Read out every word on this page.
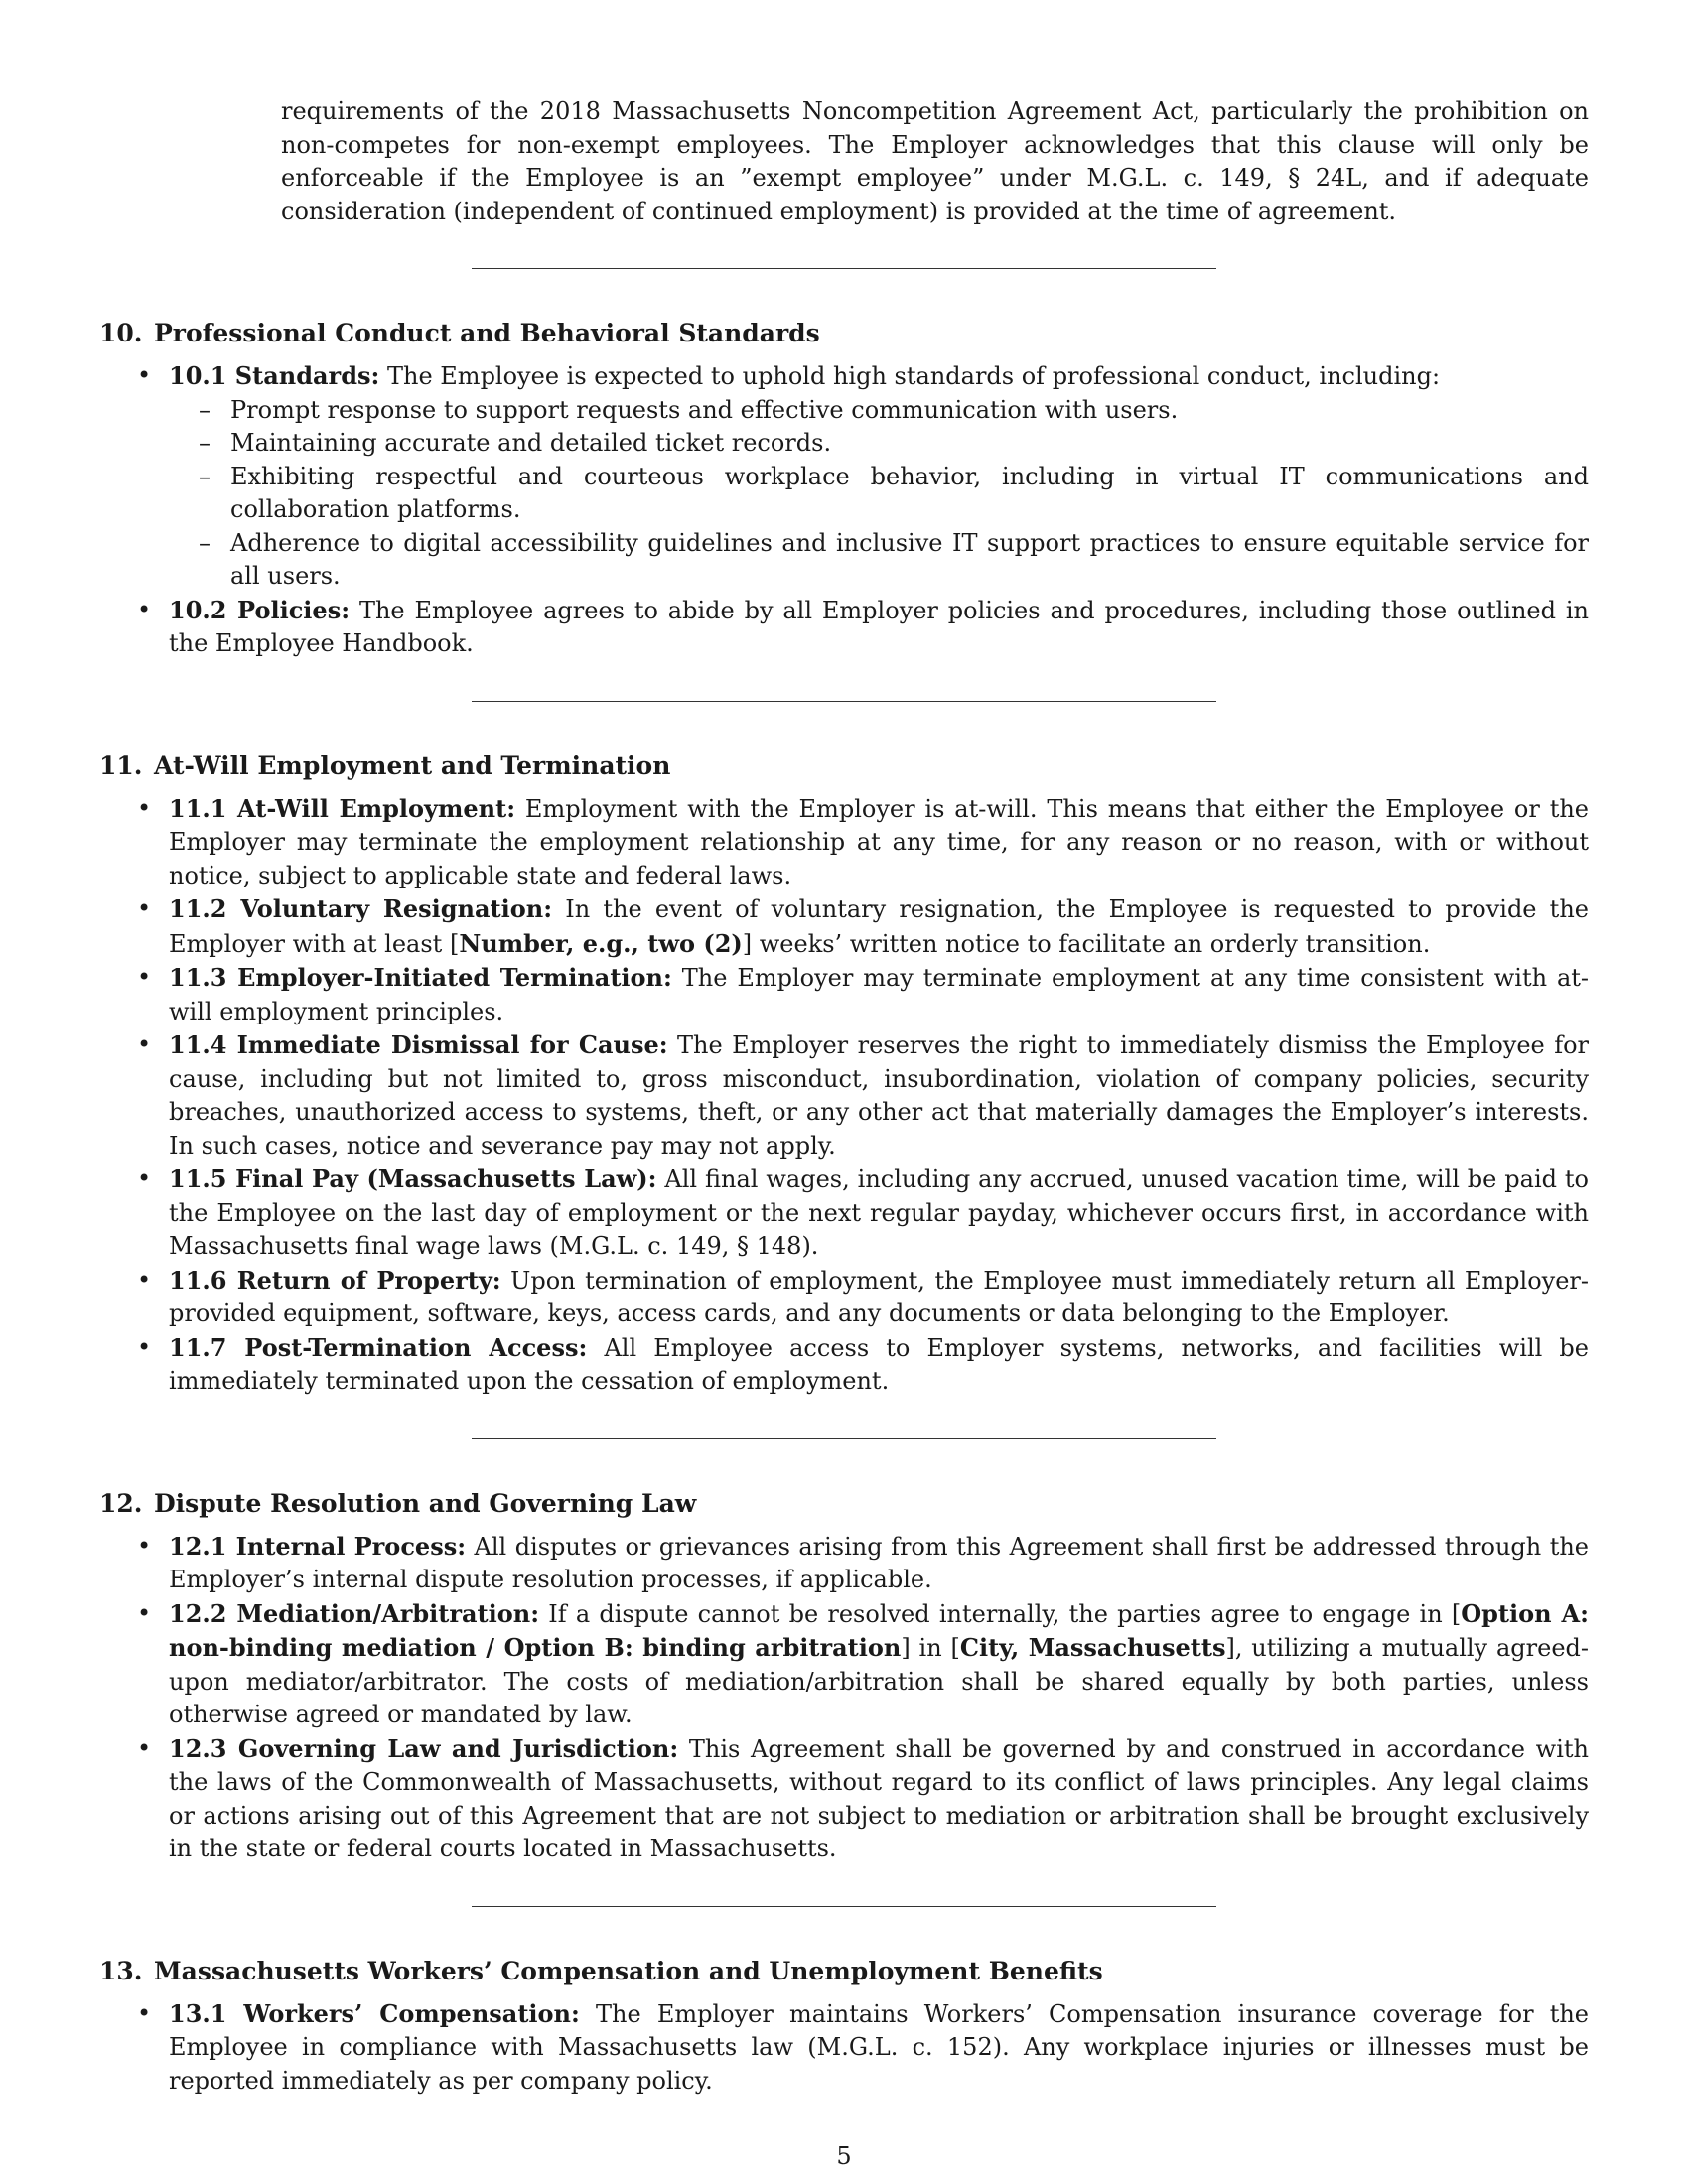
requirements of the 2018 Massachusetts Noncompetition Agreement Act, particularly the prohibition on non-competes for non-exempt employees. The Employer acknowledges that this clause will only be enforceable if the Employee is an ”exempt employee” under M.G.L. c. 149, § 24L, and if adequate consideration (independent of continued employment) is provided at the time of agreement.

10. Professional Conduct and Behavioral Standards
• 10.1 Standards: The Employee is expected to uphold high standards of professional conduct, including:
– Prompt response to support requests and effective communication with users.
– Maintaining accurate and detailed ticket records.
– Exhibiting respectful and courteous workplace behavior, including in virtual IT communications and collaboration platforms.
– Adherence to digital accessibility guidelines and inclusive IT support practices to ensure equitable service for all users.
• 10.2 Policies: The Employee agrees to abide by all Employer policies and procedures, including those outlined in the Employee Handbook.
11. At-Will Employment and Termination
• 11.1 At-Will Employment: Employment with the Employer is at-will. This means that either the Employee or the Employer may terminate the employment relationship at any time, for any reason or no reason, with or without notice, subject to applicable state and federal laws.
• 11.2 Voluntary Resignation: In the event of voluntary resignation, the Employee is requested to provide the Employer with at least [Number, e.g., two (2)] weeks’ written notice to facilitate an orderly transition.
• 11.3 Employer-Initiated Termination: The Employer may terminate employment at any time consistent with at-will employment principles.
• 11.4 Immediate Dismissal for Cause: The Employer reserves the right to immediately dismiss the Employee for cause, including but not limited to, gross misconduct, insubordination, violation of company policies, security breaches, unauthorized access to systems, theft, or any other act that materially damages the Employer’s interests. In such cases, notice and severance pay may not apply.
• 11.5 Final Pay (Massachusetts Law): All final wages, including any accrued, unused vacation time, will be paid to the Employee on the last day of employment or the next regular payday, whichever occurs first, in accordance with Massachusetts final wage laws (M.G.L. c. 149, § 148).
• 11.6 Return of Property: Upon termination of employment, the Employee must immediately return all Employer-provided equipment, software, keys, access cards, and any documents or data belonging to the Employer.
• 11.7 Post-Termination Access: All Employee access to Employer systems, networks, and facilities will be immediately terminated upon the cessation of employment.
12. Dispute Resolution and Governing Law
• 12.1 Internal Process: All disputes or grievances arising from this Agreement shall first be addressed through the Employer’s internal dispute resolution processes, if applicable.
• 12.2 Mediation/Arbitration: If a dispute cannot be resolved internally, the parties agree to engage in [Option A: non-binding mediation / Option B: binding arbitration] in [City, Massachusetts], utilizing a mutually agreed-upon mediator/arbitrator. The costs of mediation/arbitration shall be shared equally by both parties, unless otherwise agreed or mandated by law.
• 12.3 Governing Law and Jurisdiction: This Agreement shall be governed by and construed in accordance with the laws of the Commonwealth of Massachusetts, without regard to its conflict of laws principles. Any legal claims or actions arising out of this Agreement that are not subject to mediation or arbitration shall be brought exclusively in the state or federal courts located in Massachusetts.
13. Massachusetts Workers’ Compensation and Unemployment Benefits
• 13.1 Workers’ Compensation: The Employer maintains Workers’ Compensation insurance coverage for the Employee in compliance with Massachusetts law (M.G.L. c. 152). Any workplace injuries or illnesses must be reported immediately as per company policy.
5
